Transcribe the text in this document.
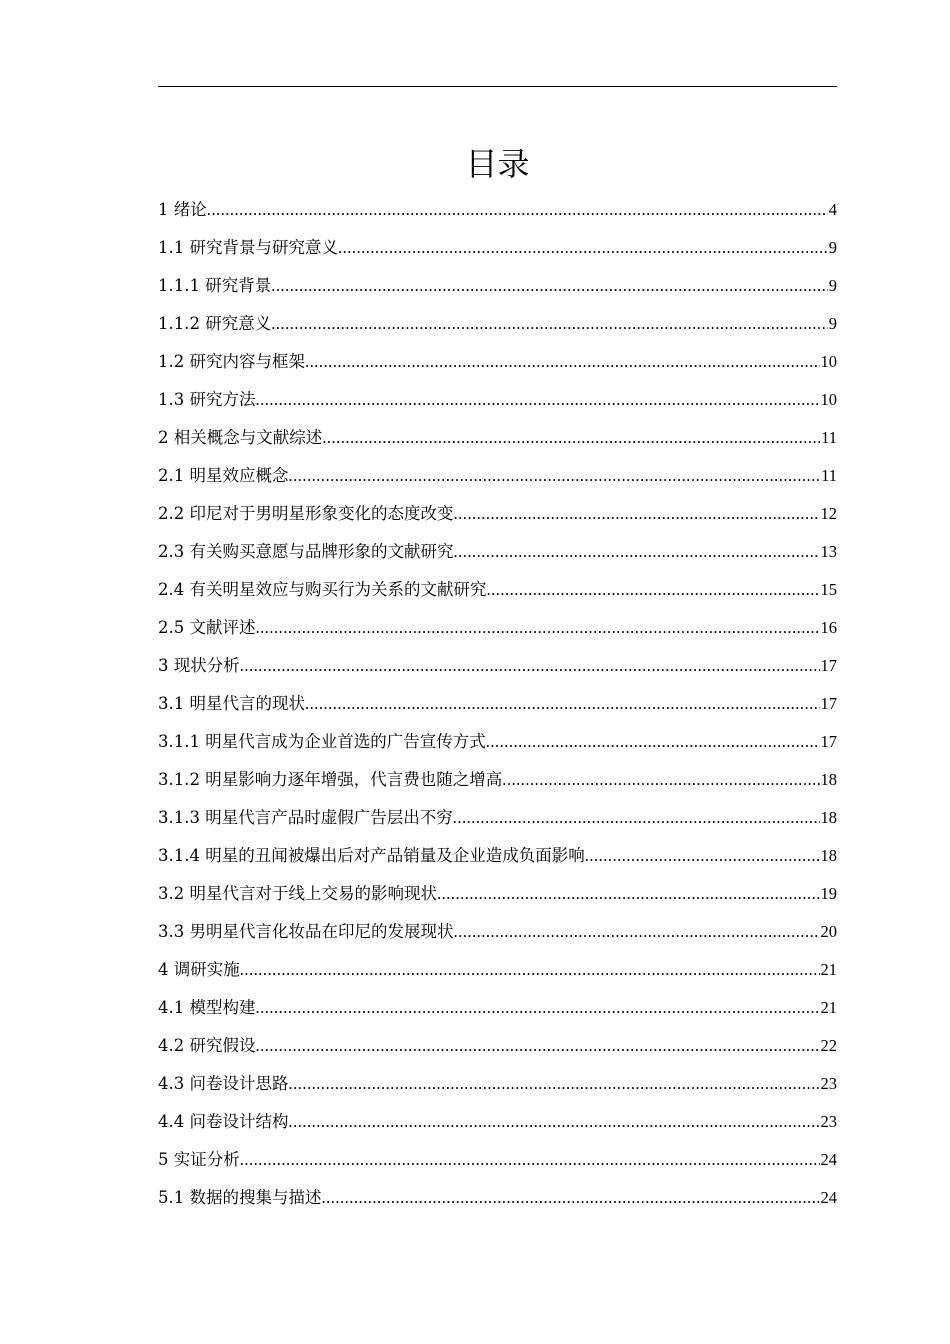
目录
1 绪论 .....	4
1.1 研究背景与研究意义 .....	9
1.1.1 研究背景 .....	9
1.1.2 研究意义 .....	9
1.2 研究内容与框架 .....	10
1.3 研究方法 .....	10
2 相关概念与文献综述 .....	11
2.1 明星效应概念 .....	11
2.2 印尼对于男明星形象变化的态度改变 .....	12
2.3 有关购买意愿与品牌形象的文献研究 .....	13
2.4 有关明星效应与购买行为关系的文献研究 .....	15
2.5 文献评述 .....	16
3 现状分析 .....	17
3.1 明星代言的现状 .....	17
3.1.1 明星代言成为企业首选的广告宣传方式 .....	17
3.1.2 明星影响力逐年增强，代言费也随之增高 .....	18
3.1.3 明星代言产品时虚假广告层出不穷 .....	18
3.1.4 明星的丑闻被爆出后对产品销量及企业造成负面影响 .....	18
3.2 明星代言对于线上交易的影响现状 .....	19
3.3 男明星代言化妆品在印尼的发展现状 .....	20
4 调研实施 .....	21
4.1 模型构建 .....	21
4.2 研究假设 .....	22
4.3 问卷设计思路 .....	23
4.4 问卷设计结构 .....	23
5 实证分析 .....	24
5.1 数据的搜集与描述 .....	24
